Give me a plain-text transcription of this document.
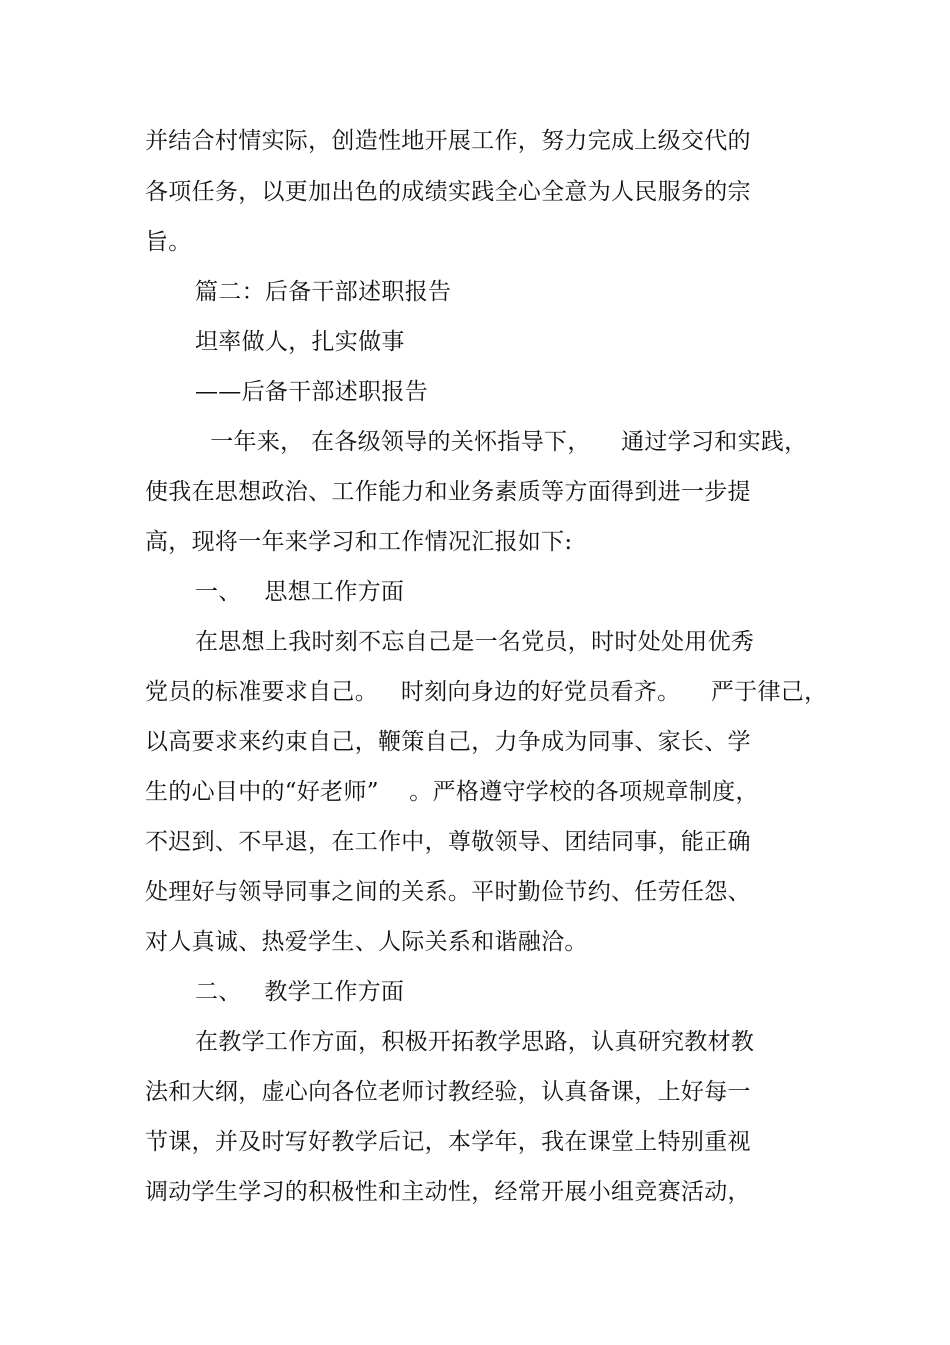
并结合村情实际，创造性地开展工作，努力完成上级交代的
各项任务，以更加出色的成绩实践全心全意为人民服务的宗
旨。
篇二：后备干部述职报告
坦率做人，扎实做事
——后备干部述职报告
一年来， 在各级领导的关怀指导下，    通过学习和实践，
使我在思想政治、工作能力和业务素质等方面得到进一步提
高，现将一年来学习和工作情况汇报如下:
一、   思想工作方面
在思想上我时刻不忘自己是一名党员，时时处处用优秀
党员的标准要求自己。   时刻向身边的好党员看齐。    严于律己，
以高要求来约束自己，鞭策自己，力争成为同事、家长、学
生的心目中的“好老师”    。严格遵守学校的各项规章制度，
不迟到、不早退，在工作中，尊敬领导、团结同事，能正确
处理好与领导同事之间的关系。平时勤俭节约、任劳任怨、
对人真诚、热爱学生、人际关系和谐融洽。
二、   教学工作方面
在教学工作方面，积极开拓教学思路，认真研究教材教
法和大纲，虚心向各位老师讨教经验，认真备课，上好每一
节课，并及时写好教学后记，本学年，我在课堂上特别重视
调动学生学习的积极性和主动性，经常开展小组竞赛活动，
